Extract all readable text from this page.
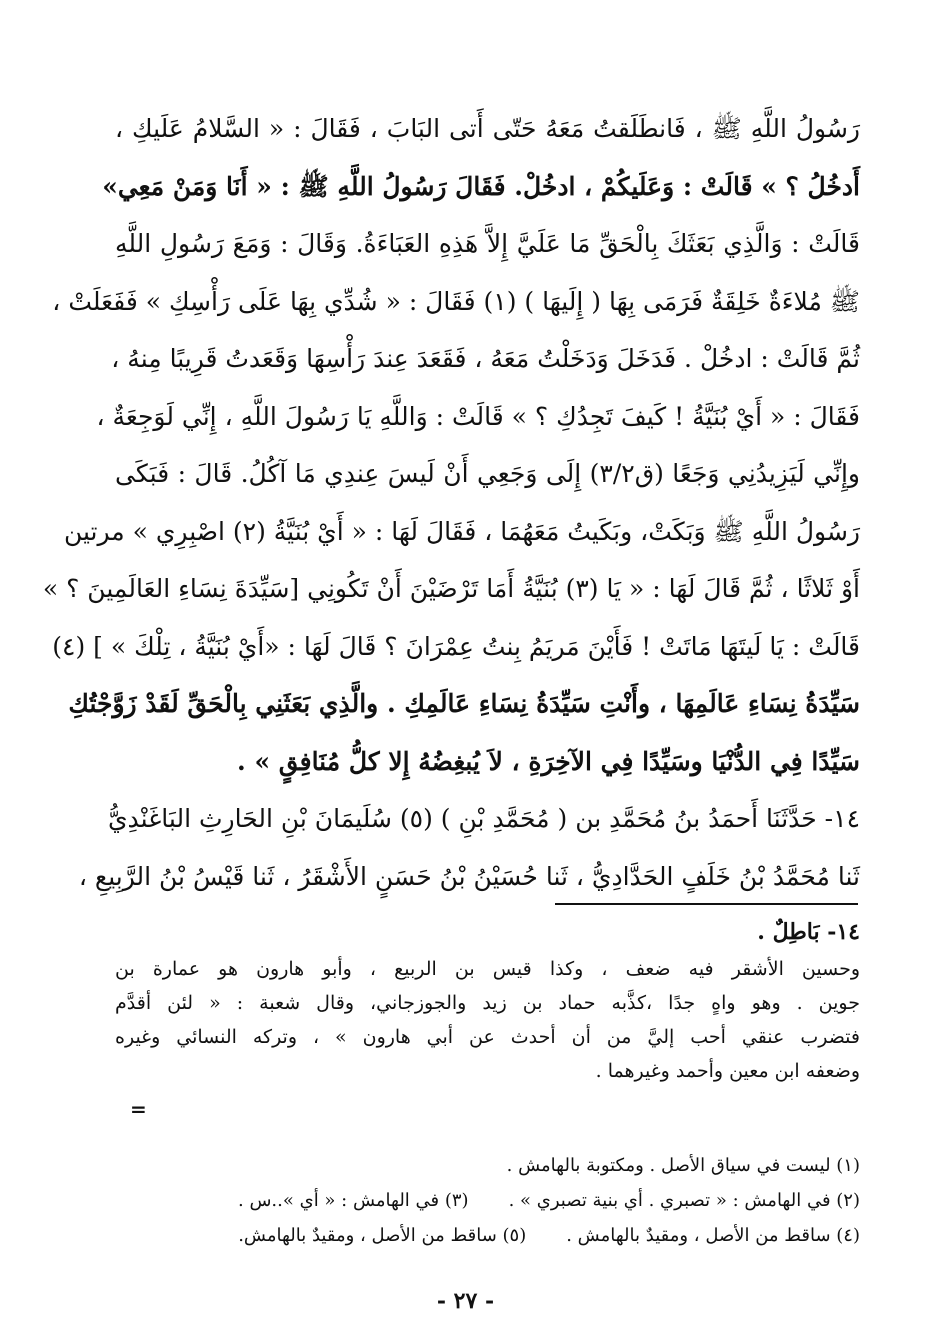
رَسُولُ اللَّهِ ﷺ ، فَانطَلَقتُ مَعَهُ حَتّى أَتى البَابَ ، فَقَالَ : « السَّلامُ عَلَيكِ ،
أَدخُلُ ؟ » قَالَتْ : وَعَلَيكُمْ ، ادخُلْ. فَقَالَ رَسُولُ اللَّهِ ﷺ : « أَنَا وَمَنْ مَعِي»
قَالَتْ : وَالَّذِي بَعَثَكَ بِالْحَقِّ مَا عَلَيَّ إِلاَّ هَذِهِ العَبَاءَةُ. وَقَالَ : وَمَعَ رَسُولِ اللَّهِ
ﷺ مُلاءَةٌ خَلِقَةٌ فَرَمَى بِهَا ( إِلَيهَا ) (١) فَقَالَ : « شُدِّي بِهَا عَلَى رَأْسِكِ » فَفَعَلَتْ ،
ثُمَّ قَالَتْ : ادخُلْ . فَدَخَلَ وَدَخَلْتُ مَعَهُ ، فَقَعَدَ عِندَ رَأْسِهَا وَقَعَدتُ قَرِيبًا مِنهُ ،
فَقَالَ : « أَيْ بُنَيَّةُ ! كَيفَ تَجِدُكِ ؟ » قَالَتْ : وَاللَّهِ يَا رَسُولَ اللَّهِ ، إِنِّي لَوَجِعَةٌ ،
وإِنِّي لَيَزِيدُنِي وَجَعًا (ق٣/٢) إِلَى وَجَعِي أَنْ لَيسَ عِندِي مَا آكُلُ. قَالَ : فَبَكَى
رَسُولُ اللَّهِ ﷺ وَبَكَتْ، وبَكَيتُ مَعَهُمَا ، فَقَالَ لَهَا : « أَيْ بُنَيَّةُ (٢) اصْبِرِي » مرتين
أَوْ ثَلاثًا ، ثُمَّ قَالَ لَهَا : « يَا (٣) بُنَيَّةُ أَمَا تَرْضَيْنَ أَنْ تَكُونِي [سَيِّدَةَ نِسَاءِ العَالَمِينَ ؟ »
قَالَتْ : يَا لَيتَهَا مَاتَتْ ! فَأَيْنَ مَريَمُ بِنتُ عِمْرَانَ ؟ قَالَ لَهَا : «أَيْ بُنَيَّةُ ، تِلْكَ » ] (٤)
سَيِّدَةُ نِسَاءِ عَالَمِهَا ، وأَنْتِ سَيِّدَةُ نِسَاءِ عَالَمِكِ . والَّذِي بَعَثَنِي بِالْحَقِّ لَقَدْ زَوَّجْتُكِ
سَيِّدًا فِي الدُّنْيَا وسَيِّدًا فِي الآخِرَةِ ، لاَ يُبغِضُهُ إِلا كلُّ مُنَافِقٍ » .
١٤- حَدَّثَنَا أَحمَدُ بنُ مُحَمَّدِ بن ( مُحَمَّدِ بْنِ ) (٥) سُلَيمَانَ بْنِ الحَارِثِ البَاغَنْدِيُّ
ثَنا مُحَمَّدُ بْنُ خَلَفٍ الحَدَّادِيُّ ، ثَنا حُسَيْنُ بْنُ حَسَنٍ الأَشْقَرُ ، ثَنا قَيْسُ بْنُ الرَّبِيعِ ،
١٤- بَاطِلٌ .
وحسين الأشقر فيه ضعف ، وكذا قيس بن الربيع ، وأبو هارون هو عمارة بن
جوين . وهو واهٍ جدًا ،كذَّبه حماد بن زيد والجوزجاني، وقال شعبة : « لئن أقدَّم
فتضرب عنقي أحب إليَّ من أن أحدث عن أبي هارون » ، وتركه النسائي وغيره
وضعفه ابن معين وأحمد وغيرهما .
=
(١) ليست في سياق الأصل . ومكتوبة بالهامش .
(٢) في الهامش : « تصبري . أي بنية تصبري » .(٣) في الهامش : « أي »..س .
(٤) ساقط من الأصل ، ومقيدٌ بالهامش .(٥) ساقط من الأصل ، ومقيدٌ بالهامش.
- ٢٧ -
